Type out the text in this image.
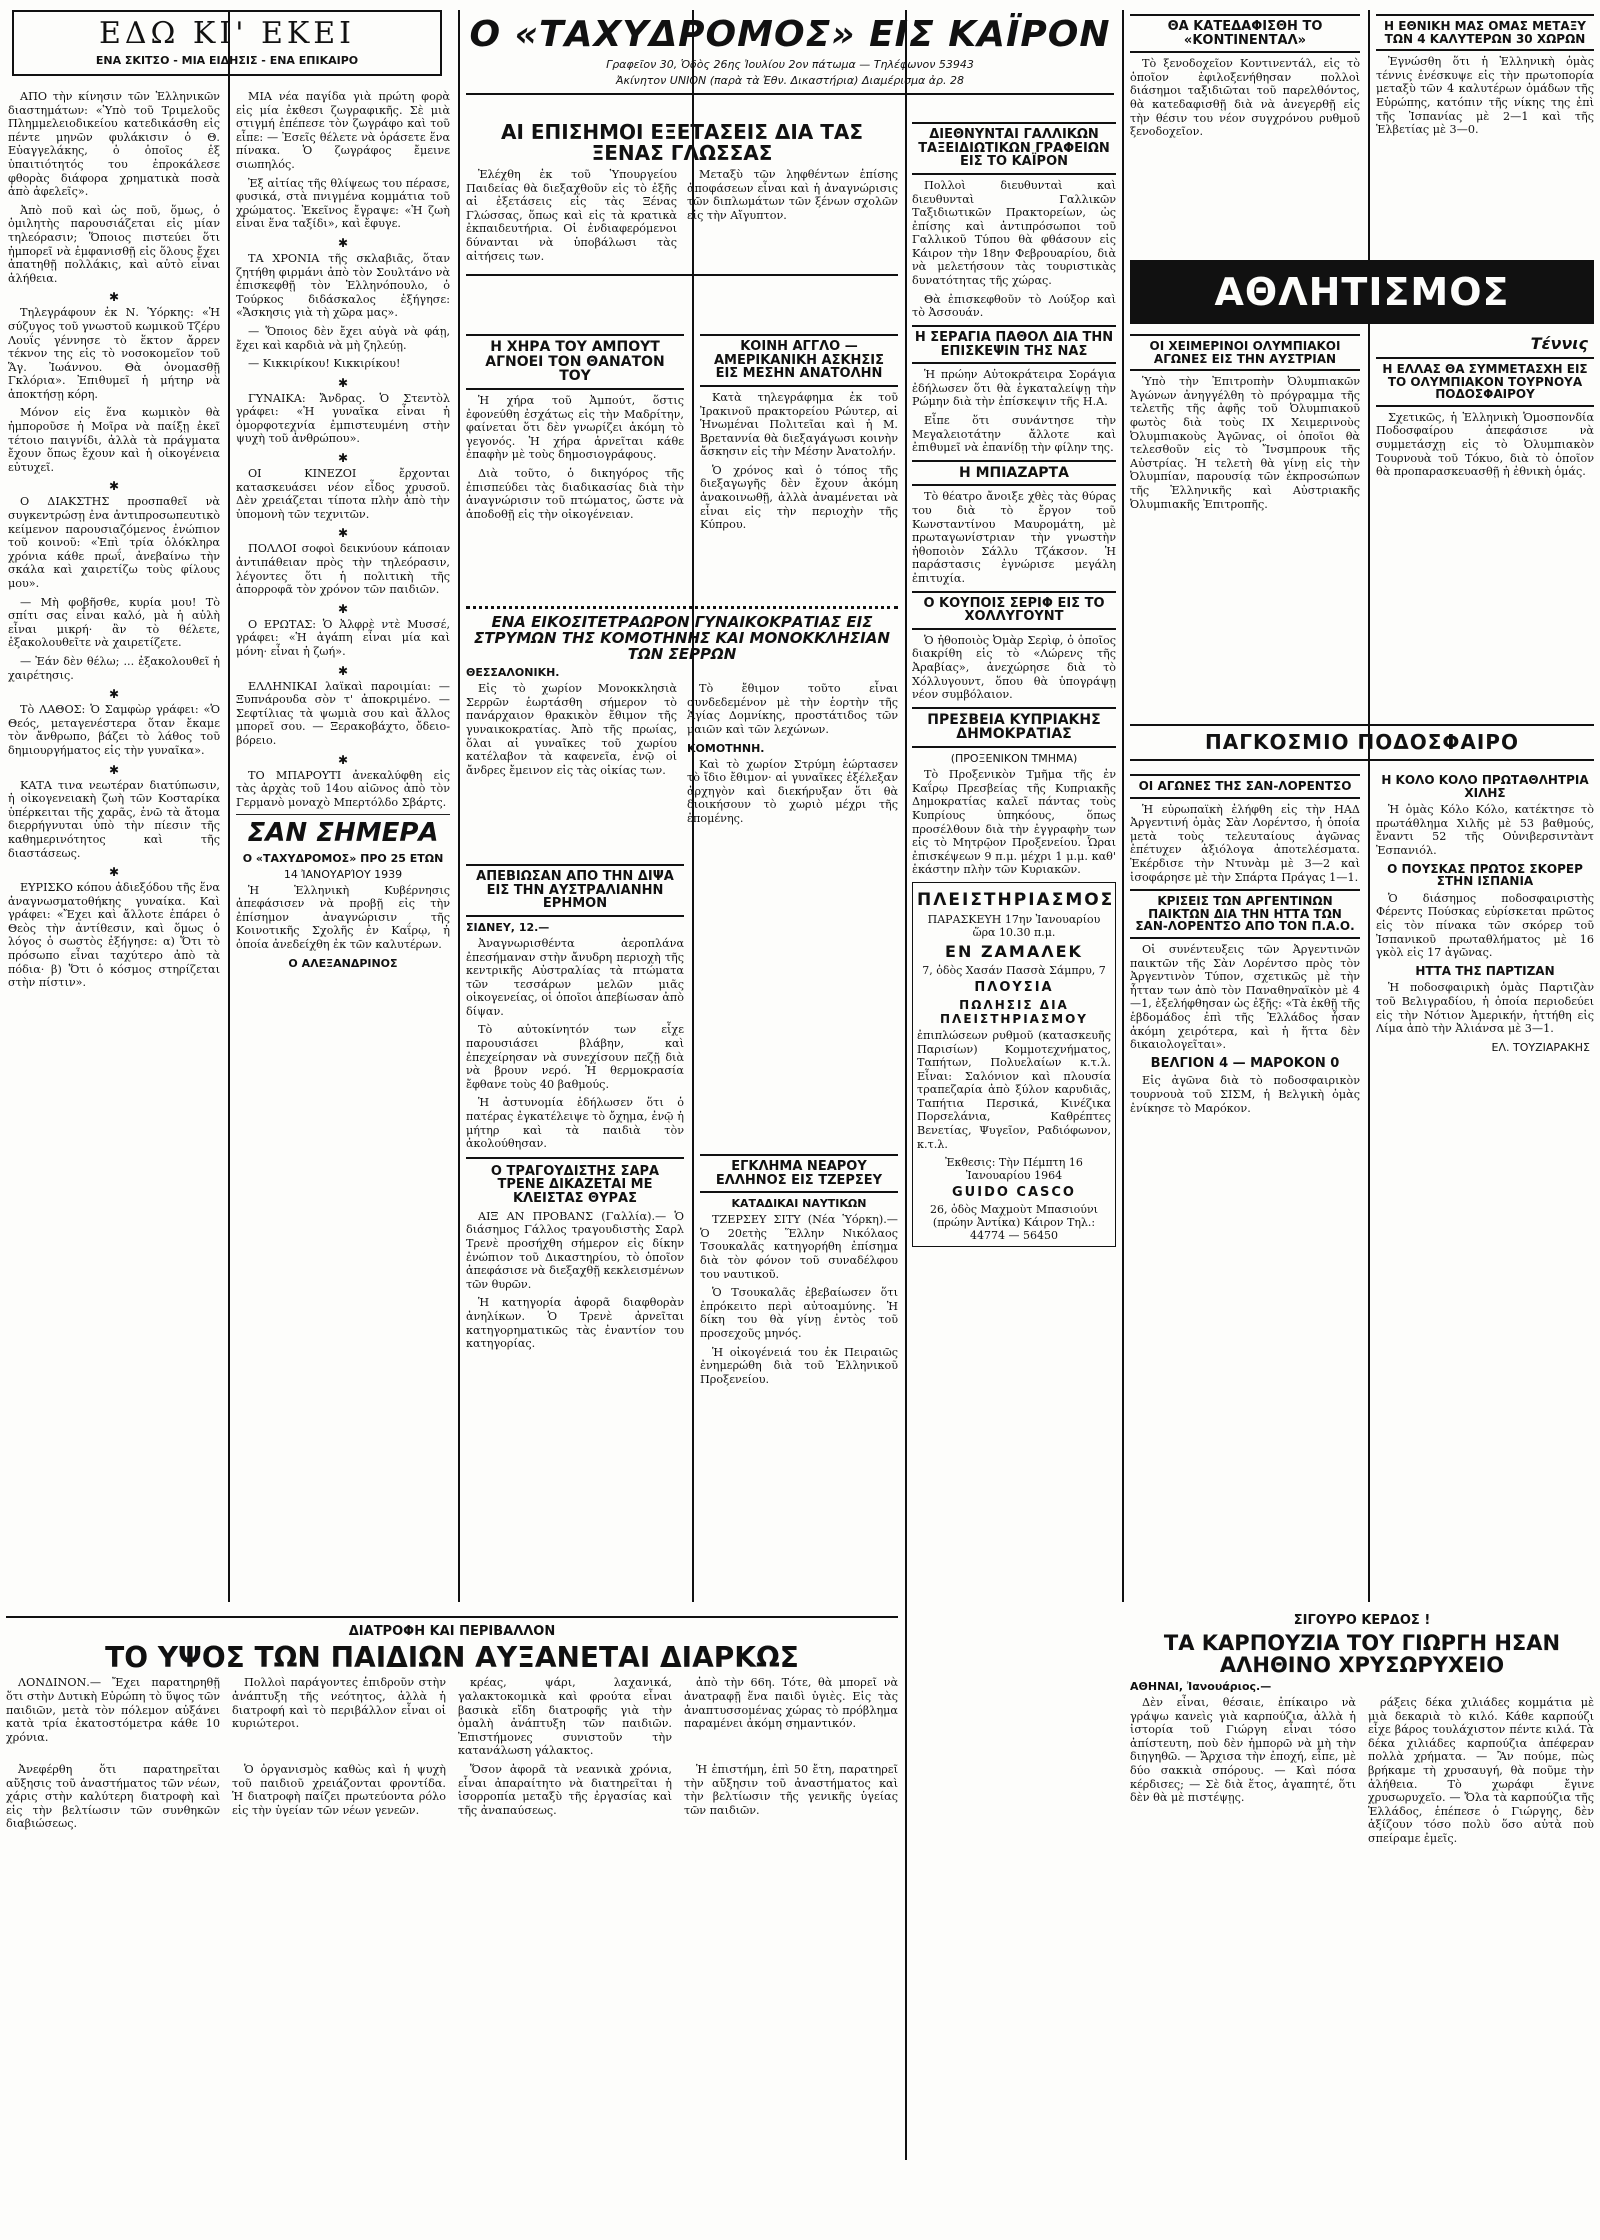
ΕΔΩ ΚΙ' ΕΚΕΙ
ΕΝΑ ΣΚΙΤΣΟ - ΜΙΑ ΕΙΔΗΣΙΣ - ΕΝΑ ΕΠΙΚΑΙΡΟ

ΑΠΟ τὴν κίνησιν τῶν Ἑλληνικῶν διαστημάτων: «Ὑπὸ τοῦ Τριμελοῦς Πλημμελειοδικείου κατεδικάσθη εἰς πέντε μηνῶν φυλάκισιν ὁ Θ. Εὐαγγελάκης, ὁ ὁποῖος ἐξ ὑπαιτιότητός του ἐπροκάλεσε φθορὰς διάφορα χρηματικὰ ποσὰ ἀπὸ ἀφελεῖς».

Ἀπὸ ποῦ καὶ ὡς ποῦ, ὅμως, ὁ ὁμιλητὴς παρουσιάζεται εἰς μίαν τηλεόρασιν; Ὅποιος πιστεύει ὅτι ἠμπορεῖ νὰ ἐμφανισθῇ εἰς ὅλους ἔχει ἀπατηθῇ πολλάκις, καὶ αὐτὸ εἶναι ἀλήθεια.

✱

Τηλεγράφουν ἐκ Ν. Ὑόρκης: «Ἡ σύζυγος τοῦ γνωστοῦ κωμικοῦ Τζέρυ Λουΐς γέννησε τὸ ἕκτον ἄρρεν τέκνον της εἰς τὸ νοσοκομεῖον τοῦ Ἅγ. Ἰωάννου. Θὰ ὀνομασθῇ Γκλόρια». Ἐπιθυμεῖ ἡ μήτηρ νὰ ἀποκτήσῃ κόρη.

Μόνον εἰς ἕνα κωμικὸν θὰ ἠμποροῦσε ἡ Μοῖρα νὰ παίξῃ ἐκεῖ τέτοιο παιγνίδι, ἀλλὰ τὰ πράγματα ἔχουν ὅπως ἔχουν καὶ ἡ οἰκογένεια εὐτυχεῖ.

✱

Ο ΔΙΑΚΣΤΗΣ προσπαθεῖ νὰ συγκεντρώσῃ ἐνα ἀντιπροσωπευτικὸ κείμενον παρουσιαζόμενος ἐνώπιον τοῦ κοινοῦ: «Ἐπὶ τρία ὁλόκληρα χρόνια κάθε πρωΐ, ἀνεβαίνω τὴν σκάλα καὶ χαιρετίζω τοὺς φίλους μου».

— Μὴ φοβῆσθε, κυρία μου! Τὸ σπίτι σας εἶναι καλό, μὰ ἡ αὐλὴ εἶναι μικρή· ἂν τὸ θέλετε, ἐξακολουθεῖτε νὰ χαιρετίζετε.

— Ἐάν δὲν θέλω; ... ἐξακολουθεῖ ἡ χαιρέτησις.

✱

Τὸ ΛΑΘΟΣ: Ὁ Σαμφὼρ γράφει: «Ὁ Θεός, μεταγενέστερα ὅταν ἔκαμε τὸν ἄνθρωπο, βάζει τὸ λάθος τοῦ δημιουργήματος εἰς τὴν γυναῖκα».

✱

ΚΑΤΑ τινα νεωτέραν διατύπωσιν, ἡ οἰκογενειακὴ ζωὴ τῶν Κοσταρίκα ὑπέρκειται τῆς χαρᾶς, ἐνῶ τὰ ἄτομα διερρήγνυται ὑπὸ τὴν πίεσιν τῆς καθημερινότητος καὶ τῆς διαστάσεως.

✱

ΕΥΡΙΣΚΟ κόπου ἀδιεξόδου τῆς ἕνα ἀναγνωσματοθήκης γυναίκα. Καὶ γράφει: «Ἔχει καὶ ἄλλοτε ἐπάρει ὁ Θεὸς τὴν ἀντίθεσιν, καὶ ὅμως ὁ λόγος ὁ σωστὸς ἐξήγησε: α) Ὅτι τὸ πρόσωπο εἶναι ταχύτερο ἀπὸ τὰ πόδια· β) Ὅτι ὁ κόσμος στηρίζεται στὴν πίστιν».

ΜΙΑ νέα παγίδα γιὰ πρώτη φορὰ εἰς μία ἐκθεσι ζωγραφικῆς. Σὲ μιὰ στιγμή ἐπέπεσε τὸν ζωγράφο καὶ τοῦ εἶπε: — Ἐσεῖς θέλετε νὰ ὁράσετε ἕνα πίνακα. Ὁ ζωγράφος ἔμεινε σιωπηλός.

Ἐξ αἰτίας τῆς θλίψεως του πέρασε, φυσικά, στὰ πνιγμένα κομμάτια τοῦ χρώματος. Ἐκεῖνος ἔγραψε: «Ἡ ζωὴ εἶναι ἕνα ταξίδι», καὶ ἔφυγε.

✱

ΤΑ ΧΡΟΝΙΑ τῆς σκλαβιᾶς, ὅταν ζητήθη φιρμάνι ἀπὸ τὸν Σουλτάνο νὰ ἐπισκεφθῇ τὸν Ἑλληνόπουλο, ὁ Τούρκος διδάσκαλος ἐξήγησε: «Ἄσκησις γιὰ τὴ χῶρα μας».

— Ὅποιος δὲν ἔχει αὐγὰ νὰ φάῃ, ἔχει καὶ καρδιὰ νὰ μὴ ζηλεύῃ.

— Κικκιρίκου! Κικκιρίκου!

✱

ΓΥΝΑΙΚΑ: Ἄνδρας. Ὁ Στεντὸλ γράφει: «Ἡ γυναῖκα εἶναι ἡ ὀμορφοτεχνία ἐμπιστευμένη στὴν ψυχὴ τοῦ ἀνθρώπου».

✱

ΟΙ ΚΙΝΕΖΟΙ ἔρχονται κατασκευάσει νέον εἶδος χρυσοῦ. Δὲν χρειάζεται τίποτα πλὴν ἀπὸ τὴν ὑπομονὴ τῶν τεχνιτῶν.

✱

ΠΟΛΛΟΙ σοφοὶ δεικνύουν κάποιαν ἀντιπάθειαν πρὸς τὴν τηλεόρασιν, λέγοντες ὅτι ἡ πολιτικὴ τῆς ἀπορροφᾶ τὸν χρόνον τῶν παιδιῶν.

✱

Ο ΕΡΩΤΑΣ: Ὁ Ἀλφρὲ ντὲ Μυσσέ, γράφει: «Ἡ ἀγάπη εἶναι μία καὶ μόνη· εἶναι ἡ ζωή».

✱

ΕΛΛΗΝΙΚΑΙ λαϊκαὶ παροιμίαι: — Ξυπνάρουδα σὸν τ' ἀποκριμένο. — Σεφτίλιας τὰ ψωμιὰ σου καὶ ἄλλος μπορεῖ σου. — Ξερακοβάχτο, ὄδειο-βόρειο.

✱

ΤΟ ΜΠΑΡΟΥΤΙ ἀνεκαλύφθη εἰς τὰς ἀρχὰς τοῦ 14ου αἰῶνος ἀπὸ τὸν Γερμανὸ μοναχὸ Μπερτόλδο Σβάρτς.

ΣΑΝ ΣΗΜΕΡΑ
Ο «ΤΑΧΥΔΡΟΜΟΣ» ΠΡΟ 25 ΕΤΩΝ
14 ἸΑΝΟΥΑΡΊΟΥ 1939

Ἡ Ἑλληνικὴ Κυβέρνησις ἀπεφάσισεν νὰ προβῇ εἰς τὴν ἐπίσημον ἀναγνώρισιν τῆς Κοινοτικῆς Σχολῆς ἐν Καΐρῳ, ἡ ὁποία ἀνεδείχθη ἐκ τῶν καλυτέρων.

Ο ΑΛΕΞΑΝΔΡΙΝΟΣ
Ο «ΤΑΧΥΔΡΟΜΟΣ» ΕΙΣ ΚΑΪΡΟΝ
Γραφεῖον 30, Ὁδὸς 26ης Ἰουλίου 2ον πάτωμα — Τηλέφωνον 53943
Ἀκίνητον UNION (παρὰ τὰ Ἐθν. Δικαστήρια) Διαμέρισμα ἀρ. 28
ΑΙ ΕΠΙΣΗΜΟΙ ΕΞΕΤΑΣΕΙΣ ΔΙΑ ΤΑΣ ΞΕΝΑΣ ΓΛΩΣΣΑΣ

Ἐλέχθη ἐκ τοῦ Ὑπουργείου Παιδείας θὰ διεξαχθοῦν εἰς τὸ ἐξῆς αἱ ἐξετάσεις εἰς τὰς Ξένας Γλώσσας, ὅπως καὶ εἰς τὰ κρατικὰ ἐκπαιδευτήρια. Οἱ ἐνδιαφερόμενοι δύνανται νὰ ὑποβάλωσι τὰς αἰτήσεις των.

Μεταξὺ τῶν ληφθέντων ἐπίσης ἀποφάσεων εἶναι καὶ ἡ ἀναγνώρισις τῶν διπλωμάτων τῶν ξένων σχολῶν εἰς τὴν Αἴγυπτον.

Η ΧΗΡΑ ΤΟΥ ΑΜΠΟΥΤ ΑΓΝΟΕΙ ΤΟΝ ΘΑΝΑΤΟΝ ΤΟΥ

Ἡ χήρα τοῦ Ἀμπούτ, ὅστις ἐφονεύθη ἐσχάτως εἰς τὴν Μαδρίτην, φαίνεται ὅτι δὲν γνωρίζει ἀκόμη τὸ γεγονός. Ἡ χήρα ἀρνεῖται κάθε ἐπαφὴν μὲ τοὺς δημοσιογράφους.

Διὰ τοῦτο, ὁ δικηγόρος τῆς ἐπισπεύδει τὰς διαδικασίας διὰ τὴν ἀναγνώρισιν τοῦ πτώματος, ὥστε νὰ ἀποδοθῇ εἰς τὴν οἰκογένειαν.

ΚΟΙΝΗ ΑΓΓΛΟ — ΑΜΕΡΙΚΑΝΙΚΗ ΑΣΚΗΣΙΣ ΕΙΣ ΜΕΣΗΝ ΑΝΑΤΟΛΗΝ

Κατὰ τηλεγράφημα ἐκ τοῦ Ἰρακινοῦ πρακτορείου Ρώυτερ, αἱ Ἡνωμέναι Πολιτεῖαι καὶ ἡ Μ. Βρεταννία θὰ διεξαγάγωσι κοινὴν ἄσκησιν εἰς τὴν Μέσην Ἀνατολήν.

Ὁ χρόνος καὶ ὁ τόπος τῆς διεξαγωγῆς δὲν ἔχουν ἀκόμη ἀνακοινωθῇ, ἀλλὰ ἀναμένεται νὰ εἶναι εἰς τὴν περιοχὴν τῆς Κύπρου.

ΕΝΑ ΕΙΚΟΣΙΤΕΤΡΑΩΡΟΝ ΓΥΝΑΙΚΟΚΡΑΤΙΑΣ ΕΙΣ ΣΤΡΥΜΩΝ ΤΗΣ ΚΟΜΟΤΗΝΗΣ ΚΑΙ ΜΟΝΟΚΚΛΗΣΙΑΝ ΤΩΝ ΣΕΡΡΩΝ
ΘΕΣΣΑΛΟΝΙΚΗ.

Εἰς τὸ χωρίον Μονοκκλησιὰ Σερρῶν ἑωρτάσθη σήμερον τὸ πανάρχαιον θρακικὸν ἔθιμον τῆς γυναικοκρατίας. Ἀπὸ τῆς πρωίας, ὅλαι αἱ γυναῖκες τοῦ χωρίου κατέλαβον τὰ καφενεῖα, ἐνῷ οἱ ἄνδρες ἔμεινον εἰς τὰς οἰκίας των.

Τὸ ἔθιμον τοῦτο εἶναι συνδεδεμένον μὲ τὴν ἑορτὴν τῆς Ἁγίας Δομνίκης, προστάτιδος τῶν μαιῶν καὶ τῶν λεχώνων.

ΚΟΜΟΤΗΝΗ.

Καὶ τὸ χωρίον Στρύμη ἑώρτασεν τὸ ἴδιο ἔθιμον· αἱ γυναῖκες ἐξέλεξαν ἀρχηγὸν καὶ διεκήρυξαν ὅτι θὰ διοικήσουν τὸ χωριὸ μέχρι τῆς ἐπομένης.

ΑΠΕΒΙΩΣΑΝ ΑΠΟ ΤΗΝ ΔΙΨΑ ΕΙΣ ΤΗΝ ΑΥΣΤΡΑΛΙΑΝΗΝ ΕΡΗΜΟΝ
ΣΙΔΝΕΥ, 12.—

Ἀναγνωρισθέντα ἀεροπλάνα ἐπεσήμαναν στὴν ἄνυδρη περιοχὴ τῆς κεντρικῆς Αὐστραλίας τὰ πτώματα τῶν τεσσάρων μελῶν μιᾶς οἰκογενείας, οἱ ὁποῖοι ἀπεβίωσαν ἀπὸ δίψαν.

Τὸ αὐτοκίνητόν των εἶχε παρουσιάσει βλάβην, καὶ ἐπεχείρησαν νὰ συνεχίσουν πεζῇ διὰ νὰ βρουν νερό. Ἡ θερμοκρασία ἔφθανε τοὺς 40 βαθμούς.

Ἡ ἀστυνομία ἐδήλωσεν ὅτι ὁ πατέρας ἐγκατέλειψε τὸ ὄχημα, ἐνῷ ἡ μήτηρ καὶ τὰ παιδιὰ τὸν ἀκολούθησαν.

Ο ΤΡΑΓΟΥΔΙΣΤΗΣ ΣΑΡΑ ΤΡΕΝΕ ΔΙΚΑΖΕΤΑΙ ΜΕ ΚΛΕΙΣΤΑΣ ΘΥΡΑΣ

ΑΙΞ ΑΝ ΠΡΟΒΑΝΣ (Γαλλία).— Ὁ διάσημος Γάλλος τραγουδιστὴς Σαρλ Τρενὲ προσήχθη σήμερον εἰς δίκην ἐνώπιον τοῦ Δικαστηρίου, τὸ ὁποῖον ἀπεφάσισε νὰ διεξαχθῇ κεκλεισμένων τῶν θυρῶν.

Ἡ κατηγορία ἀφορᾶ διαφθορὰν ἀνηλίκων. Ὁ Τρενὲ ἀρνεῖται κατηγορηματικῶς τὰς ἐναντίον του κατηγορίας.

ΕΓΚΛΗΜΑ ΝΕΑΡΟΥ ΕΛΛΗΝΟΣ ΕΙΣ ΤΖΕΡΣΕΥ
ΚΑΤΑΔΙΚΑΙ ΝΑΥΤΙΚΩΝ

ΤΖΕΡΣΕΥ ΣΙΤΥ (Νέα Ὑόρκη).— Ὁ 20ετὴς Ἕλλην Νικόλαος Τσουκαλᾶς κατηγορήθη ἐπίσημα διὰ τὸν φόνον τοῦ συναδέλφου του ναυτικοῦ.

Ὁ Τσουκαλᾶς ἐβεβαίωσεν ὅτι ἐπρόκειτο περὶ αὐτοαμύνης. Ἡ δίκη του θὰ γίνῃ ἐντὸς τοῦ προσεχοῦς μηνός.

Ἡ οἰκογένειά του ἐκ Πειραιῶς ἐνημερώθη διὰ τοῦ Ἑλληνικοῦ Προξενείου.

ΔΙΕΘΝΥΝΤΑΙ ΓΑΛΛΙΚΩΝ ΤΑΞΕΙΔΙΩΤΙΚΩΝ ΓΡΑΦΕΙΩΝ ΕΙΣ ΤΟ ΚΑΪΡΟΝ

Πολλοὶ διευθυνταὶ καὶ διευθυνταὶ Γαλλικῶν Ταξιδιωτικῶν Πρακτορείων, ὡς ἐπίσης καὶ ἀντιπρόσωποι τοῦ Γαλλικοῦ Τύπου θὰ φθάσουν εἰς Κάιρον τὴν 18ην Φεβρουαρίου, διὰ νὰ μελετήσουν τὰς τουριστικὰς δυνατότητας τῆς χώρας.

Θὰ ἐπισκεφθοῦν τὸ Λούξορ καὶ τὸ Ἀσσουάν.

Η ΣΕΡΑΓΙΑ ΠΑΘΟΛ ΔΙΑ ΤΗΝ ΕΠΙΣΚΕΨΙΝ ΤΗΣ ΝΑΣ

Ἡ πρώην Αὐτοκράτειρα Σοράγια ἐδήλωσεν ὅτι θὰ ἐγκαταλείψῃ τὴν Ρώμην διὰ τὴν ἐπίσκεψιν τῆς Η.Α.

Εἶπε ὅτι συνάντησε τὴν Μεγαλειοτάτην ἄλλοτε καὶ ἐπιθυμεῖ νὰ ἐπανίδῃ τὴν φίλην της.

Η ΜΠΙΑΖΑΡΤΑ

Τὸ θέατρο ἄνοιξε χθὲς τὰς θύρας του διὰ τὸ ἔργον τοῦ Κωνσταντίνου Μαυρομάτη, μὲ πρωταγωνίστριαν τὴν γνωστὴν ἠθοποιὸν Σάλλυ Τζάκσον. Ἡ παράστασις ἐγνώρισε μεγάλη ἐπιτυχία.

Ο ΚΟΥΠΟΙΣ ΣΕΡΙΦ ΕΙΣ ΤΟ ΧΟΛΛΥΓΟΥΝΤ

Ὁ ἠθοποιὸς Ὀμὰρ Σερὶφ, ὁ ὁποῖος διακρίθη εἰς τὸ «Λώρενς τῆς Ἀραβίας», ἀνεχώρησε διὰ τὸ Χόλλυγουντ, ὅπου θὰ ὑπογράψῃ νέον συμβόλαιον.

ΠΡΕΣΒΕΙΑ ΚΥΠΡΙΑΚΗΣ ΔΗΜΟΚΡΑΤΙΑΣ
(ΠΡΟΞΕΝΙΚΟΝ ΤΜΗΜΑ)

Τὸ Προξενικὸν Τμῆμα τῆς ἐν Καΐρῳ Πρεσβείας τῆς Κυπριακῆς Δημοκρατίας καλεῖ πάντας τοὺς Κυπρίους ὑπηκόους, ὅπως προσέλθουν διὰ τὴν ἐγγραφὴν των εἰς τὸ Μητρῷον Προξενείου. Ὧραι ἐπισκέψεων 9 π.μ. μέχρι 1 μ.μ. καθ' ἑκάστην πλὴν τῶν Κυριακῶν.

ΠΛΕΙΣΤΗΡΙΑΣΜΟΣ
ΠΑΡΑΣΚΕΥΗ 17ην Ἰανουαρίου ὥρα 10.30 π.μ.
ΕΝ ΖΑΜΑΛΕΚ
7, ὁδὸς Χασάν Πασσὰ Σάμπρυ, 7
ΠΛΟΥΣΙΑ
ΠΩΛΗΣΙΣ ΔΙΑ ΠΛΕΙΣΤΗΡΙΑΣΜΟΥ

ἐπιπλώσεων ρυθμοῦ (κατασκευῆς Παρισίων) Κομμοτεχνήματος, Ταπήτων, Πολυελαίων κ.τ.λ. Εἶναι: Σαλόνιον καὶ πλουσία τραπεζαρία ἀπὸ ξύλον καρυδιᾶς, Ταπήτια Περσικά, Κινέζικα Πορσελάνια, Καθρέπτες Βενετίας, Ψυγεῖον, Ραδιόφωνον, κ.τ.λ.

Ἐκθεσις: Τὴν Πέμπτη 16 Ἰανουαρίου 1964
GUIDO CASCO
26, ὁδὸς Μαχμοὺτ Μπασιούνι (πρώην Ἀντίκα) Κάιρον Τηλ.: 44774 — 56450
ΘΑ ΚΑΤΕΔΑΦΙΣΘΗ ΤΟ «ΚΟΝΤΙΝΕΝΤΑΛ»

Τὸ ξενοδοχεῖον Κοντινεντάλ, εἰς τὸ ὁποῖον ἐφιλοξενήθησαν πολλοὶ διάσημοι ταξιδιῶται τοῦ παρελθόντος, θὰ κατεδαφισθῇ διὰ νὰ ἀνεγερθῇ εἰς τὴν θέσιν του νέον συγχρόνου ρυθμοῦ ξενοδοχεῖον.

Η ΕΘΝΙΚΗ ΜΑΣ ΟΜΑΣ ΜΕΤΑΞΥ ΤΩΝ 4 ΚΑΛΥΤΕΡΩΝ 30 ΧΩΡΩΝ

Ἐγνώσθη ὅτι ἡ Ἑλληνικὴ ὁμὰς τέννις ἐνέσκυψε εἰς τὴν πρωτοπορία μεταξὺ τῶν 4 καλυτέρων ὁμάδων τῆς Εὐρώπης, κατόπιν τῆς νίκης της ἐπὶ τῆς Ἰσπανίας μὲ 2—1 καὶ τῆς Ἑλβετίας μὲ 3—0.

ΑΘΛΗΤΙΣΜΟΣ
ΟΙ ΧΕΙΜΕΡΙΝΟΙ ΟΛΥΜΠΙΑΚΟΙ ΑΓΩΝΕΣ ΕΙΣ ΤΗΝ ΑΥΣΤΡΙΑΝ

Ὑπὸ τὴν Ἐπιτροπὴν Ὀλυμπιακῶν Ἀγώνων ἀνηγγέλθη τὸ πρόγραμμα τῆς τελετῆς τῆς ἀφῆς τοῦ Ὀλυμπιακοῦ φωτὸς διὰ τοὺς IX Χειμερινοὺς Ὀλυμπιακοὺς Ἀγῶνας, οἱ ὁποῖοι θὰ τελεσθοῦν εἰς τὸ Ἴνσμπρουκ τῆς Αὐστρίας. Ἡ τελετὴ θὰ γίνῃ εἰς τὴν Ὀλυμπίαν, παρουσίᾳ τῶν ἐκπροσώπων τῆς Ἑλληνικῆς καὶ Αὐστριακῆς Ὀλυμπιακῆς Ἐπιτροπῆς.

Τέννις
Η ΕΛΛΑΣ ΘΑ ΣΥΜΜΕΤΑΣΧΗ ΕΙΣ ΤΟ ΟΛΥΜΠΙΑΚΟΝ ΤΟΥΡΝΟΥΑ ΠΟΔΟΣΦΑΙΡΟΥ

Σχετικῶς, ἡ Ἑλληνικὴ Ὁμοσπονδία Ποδοσφαίρου ἀπεφάσισε νὰ συμμετάσχῃ εἰς τὸ Ὀλυμπιακὸν Τουρνουὰ τοῦ Τόκυο, διὰ τὸ ὁποῖον θὰ προπαρασκευασθῇ ἡ ἐθνικὴ ὁμάς.

ΠΑΓΚΟΣΜΙΟ ΠΟΔΟΣΦΑΙΡΟ
ΟΙ ΑΓΩΝΕΣ ΤΗΣ ΣΑΝ-ΛΟΡΕΝΤΣΟ

Ἡ εὐρωπαϊκὴ ἐλήφθη εἰς τὴν ΗΑΔ Ἀργεντινή ὁμὰς Σὰν Λορέντσο, ἡ ὁποία μετὰ τοὺς τελευταίους ἀγῶνας ἐπέτυχεν ἀξιόλογα ἀποτελέσματα. Ἐκέρδισε τὴν Ντυνὰμ μὲ 3—2 καὶ ἰσοφάρησε μὲ τὴν Σπάρτα Πράγας 1—1.

ΚΡΙΣΕΙΣ ΤΩΝ ΑΡΓΕΝΤΙΝΩΝ ΠΑΙΚΤΩΝ ΔΙΑ ΤΗΝ ΗΤΤΑ ΤΩΝ ΣΑΝ-ΛΟΡΕΝΤΣΟ ΑΠΟ ΤΟΝ Π.Α.Ο.

Οἱ συνέντευξεις τῶν Ἀργεντινῶν παικτῶν τῆς Σὰν Λορέντσο πρὸς τὸν Ἀργεντινὸν Τύπον, σχετικῶς μὲ τὴν ἧτταν των ἀπὸ τὸν Παναθηναϊκὸν μὲ 4—1, ἐξελήφθησαν ὡς ἐξῆς: «Τὰ ἐκθῇ τῆς ἑβδομάδος ἐπὶ τῆς Ἑλλάδος ἦσαν ἀκόμη χειρότερα, καὶ ἡ ἥττα δὲν δικαιολογεῖται».

ΒΕΛΓΙΟΝ 4 — ΜΑΡΟΚΟΝ 0

Εἰς ἀγῶνα διὰ τὸ ποδοσφαιρικὸν τουρνουὰ τοῦ ΣΙΣΜ, ἡ Βελγικὴ ὁμὰς ἐνίκησε τὸ Μαρόκον.

Η ΚΟΛΟ ΚΟΛΟ ΠΡΩΤΑΘΛΗΤΡΙΑ ΧΙΛΗΣ

Ἡ ὁμὰς Κόλο Κόλο, κατέκτησε τὸ πρωτάθλημα Χιλῆς μὲ 53 βαθμούς, ἔναντι 52 τῆς Οὐνιβερσιντὰντ Ἐσπανιόλ.

Ο ΠΟΥΣΚΑΣ ΠΡΩΤΟΣ ΣΚΟΡΕΡ ΣΤΗΝ ΙΣΠΑΝΙΑ

Ὁ διάσημος ποδοσφαιριστὴς Φέρεντς Πούσκας εὑρίσκεται πρῶτος εἰς τὸν πίνακα τῶν σκόρερ τοῦ Ἰσπανικοῦ πρωταθλήματος μὲ 16 γκὸλ εἰς 17 ἀγῶνας.

ΗΤΤΑ ΤΗΣ ΠΑΡΤΙΖΑΝ

Ἡ ποδοσφαιρικὴ ὁμὰς Παρτιζὰν τοῦ Βελιγραδίου, ἡ ὁποία περιοδεύει εἰς τὴν Νότιον Ἀμερικήν, ἡττήθη εἰς Λίμα ἀπὸ τὴν Ἀλιάνσα μὲ 3—1.

ΕΛ. ΤΟΥΖΙΑΡΑΚΗΣ
ΔΙΑΤΡΟΦΗ ΚΑΙ ΠΕΡΙΒΑΛΛΟΝ
ΤΟ ΥΨΟΣ ΤΩΝ ΠΑΙΔΙΩΝ ΑΥΞΑΝΕΤΑΙ ΔΙΑΡΚΩΣ

ΛΟΝΔΙΝΟΝ.— Ἔχει παρατηρηθῇ ὅτι στὴν Δυτικὴ Εὐρώπη τὸ ὕψος τῶν παιδιῶν, μετὰ τὸν πόλεμον αὐξάνει κατὰ τρία ἑκατοστόμετρα κάθε 10 χρόνια.

Πολλοὶ παράγοντες ἐπιδροῦν στὴν ἀνάπτυξη τῆς νεότητος, ἀλλὰ ἡ διατροφή καὶ τὸ περιβάλλον εἶναι οἱ κυριώτεροι.

κρέας, ψάρι, λαχανικά, γαλακτοκομικὰ καὶ φρούτα εἶναι βασικὰ εἴδη διατροφῆς γιὰ τὴν ὁμαλὴ ἀνάπτυξη τῶν παιδιῶν. Ἐπιστήμονες συνιστοῦν τὴν κατανάλωση γάλακτος.

ἀπὸ τὴν 66η. Τότε, θὰ μπορεῖ νὰ ἀνατραφῇ ἕνα παιδὶ ὑγιὲς. Εἰς τὰς ἀναπτυσσομένας χώρας τὸ πρόβλημα παραμένει ἀκόμη σημαντικόν.

Ἀνεφέρθη ὅτι παρατηρεῖται αὔξησις τοῦ ἀναστήματος τῶν νέων, χάρις στὴν καλύτερη διατροφὴ καὶ εἰς τὴν βελτίωσιν τῶν συνθηκῶν διαβιώσεως.

Ὁ ὀργανισμὸς καθὼς καὶ ἡ ψυχὴ τοῦ παιδιοῦ χρειάζονται φροντίδα. Ἡ διατροφὴ παίζει πρωτεύοντα ρόλο εἰς τὴν ὑγείαν τῶν νέων γενεῶν.

Ὅσον ἀφορᾶ τὰ νεανικὰ χρόνια, εἶναι ἀπαραίτητο νὰ διατηρεῖται ἡ ἰσορροπία μεταξὺ τῆς ἐργασίας καὶ τῆς ἀναπαύσεως.

Ἡ ἐπιστήμη, ἐπὶ 50 ἔτη, παρατηρεῖ τὴν αὔξησιν τοῦ ἀναστήματος καὶ τὴν βελτίωσιν τῆς γενικῆς ὑγείας τῶν παιδιῶν.

ΣΙΓΟΥΡΟ ΚΕΡΔΟΣ !
ΤΑ ΚΑΡΠΟΥΖΙΑ ΤΟΥ ΓΙΩΡΓΗ ΗΣΑΝ ΑΛΗΘΙΝΟ ΧΡΥΣΩΡΥΧΕΙΟ
ΑΘΗΝΑΙ, Ἰανουάριος.—

Δὲν εἶναι, θέσαιε, ἐπίκαιρο νὰ γράψω κανεὶς γιὰ καρπούζια, ἀλλὰ ἡ ἱστορία τοῦ Γιώργη εἶναι τόσο ἀπίστευτη, ποὺ δὲν ἠμπορῶ νὰ μὴ τὴν διηγηθῶ. — Ἄρχισα τὴν ἐποχή, εἶπε, μὲ δύο σακκιὰ σπόρους. — Καὶ πόσα κέρδισες; — Σὲ διὰ ἕτος, ἀγαπητέ, ὅτι δὲν θὰ μὲ πιστέψῃς.

ράξεις δέκα χιλιάδες κομμάτια μὲ μιὰ δεκαριὰ τὸ κιλό. Κάθε καρπούζι εἶχε βάρος τουλάχιστον πέντε κιλά. Τὰ δέκα χιλιάδες καρπούζια ἀπέφεραν πολλὰ χρήματα. — Ἂν πούμε, πὼς βρήκαμε τὴ χρυσαυγή, θὰ ποῦμε τὴν ἀλήθεια. Τὸ χωράφι ἔγινε χρυσωρυχεῖο. — Ὄλα τὰ καρπούζια τῆς Ἑλλάδος, ἐπέπεσε ὁ Γιώργης, δὲν ἀξίζουν τόσο πολὺ ὅσο αὐτὰ ποὺ σπείραμε ἐμεῖς.
